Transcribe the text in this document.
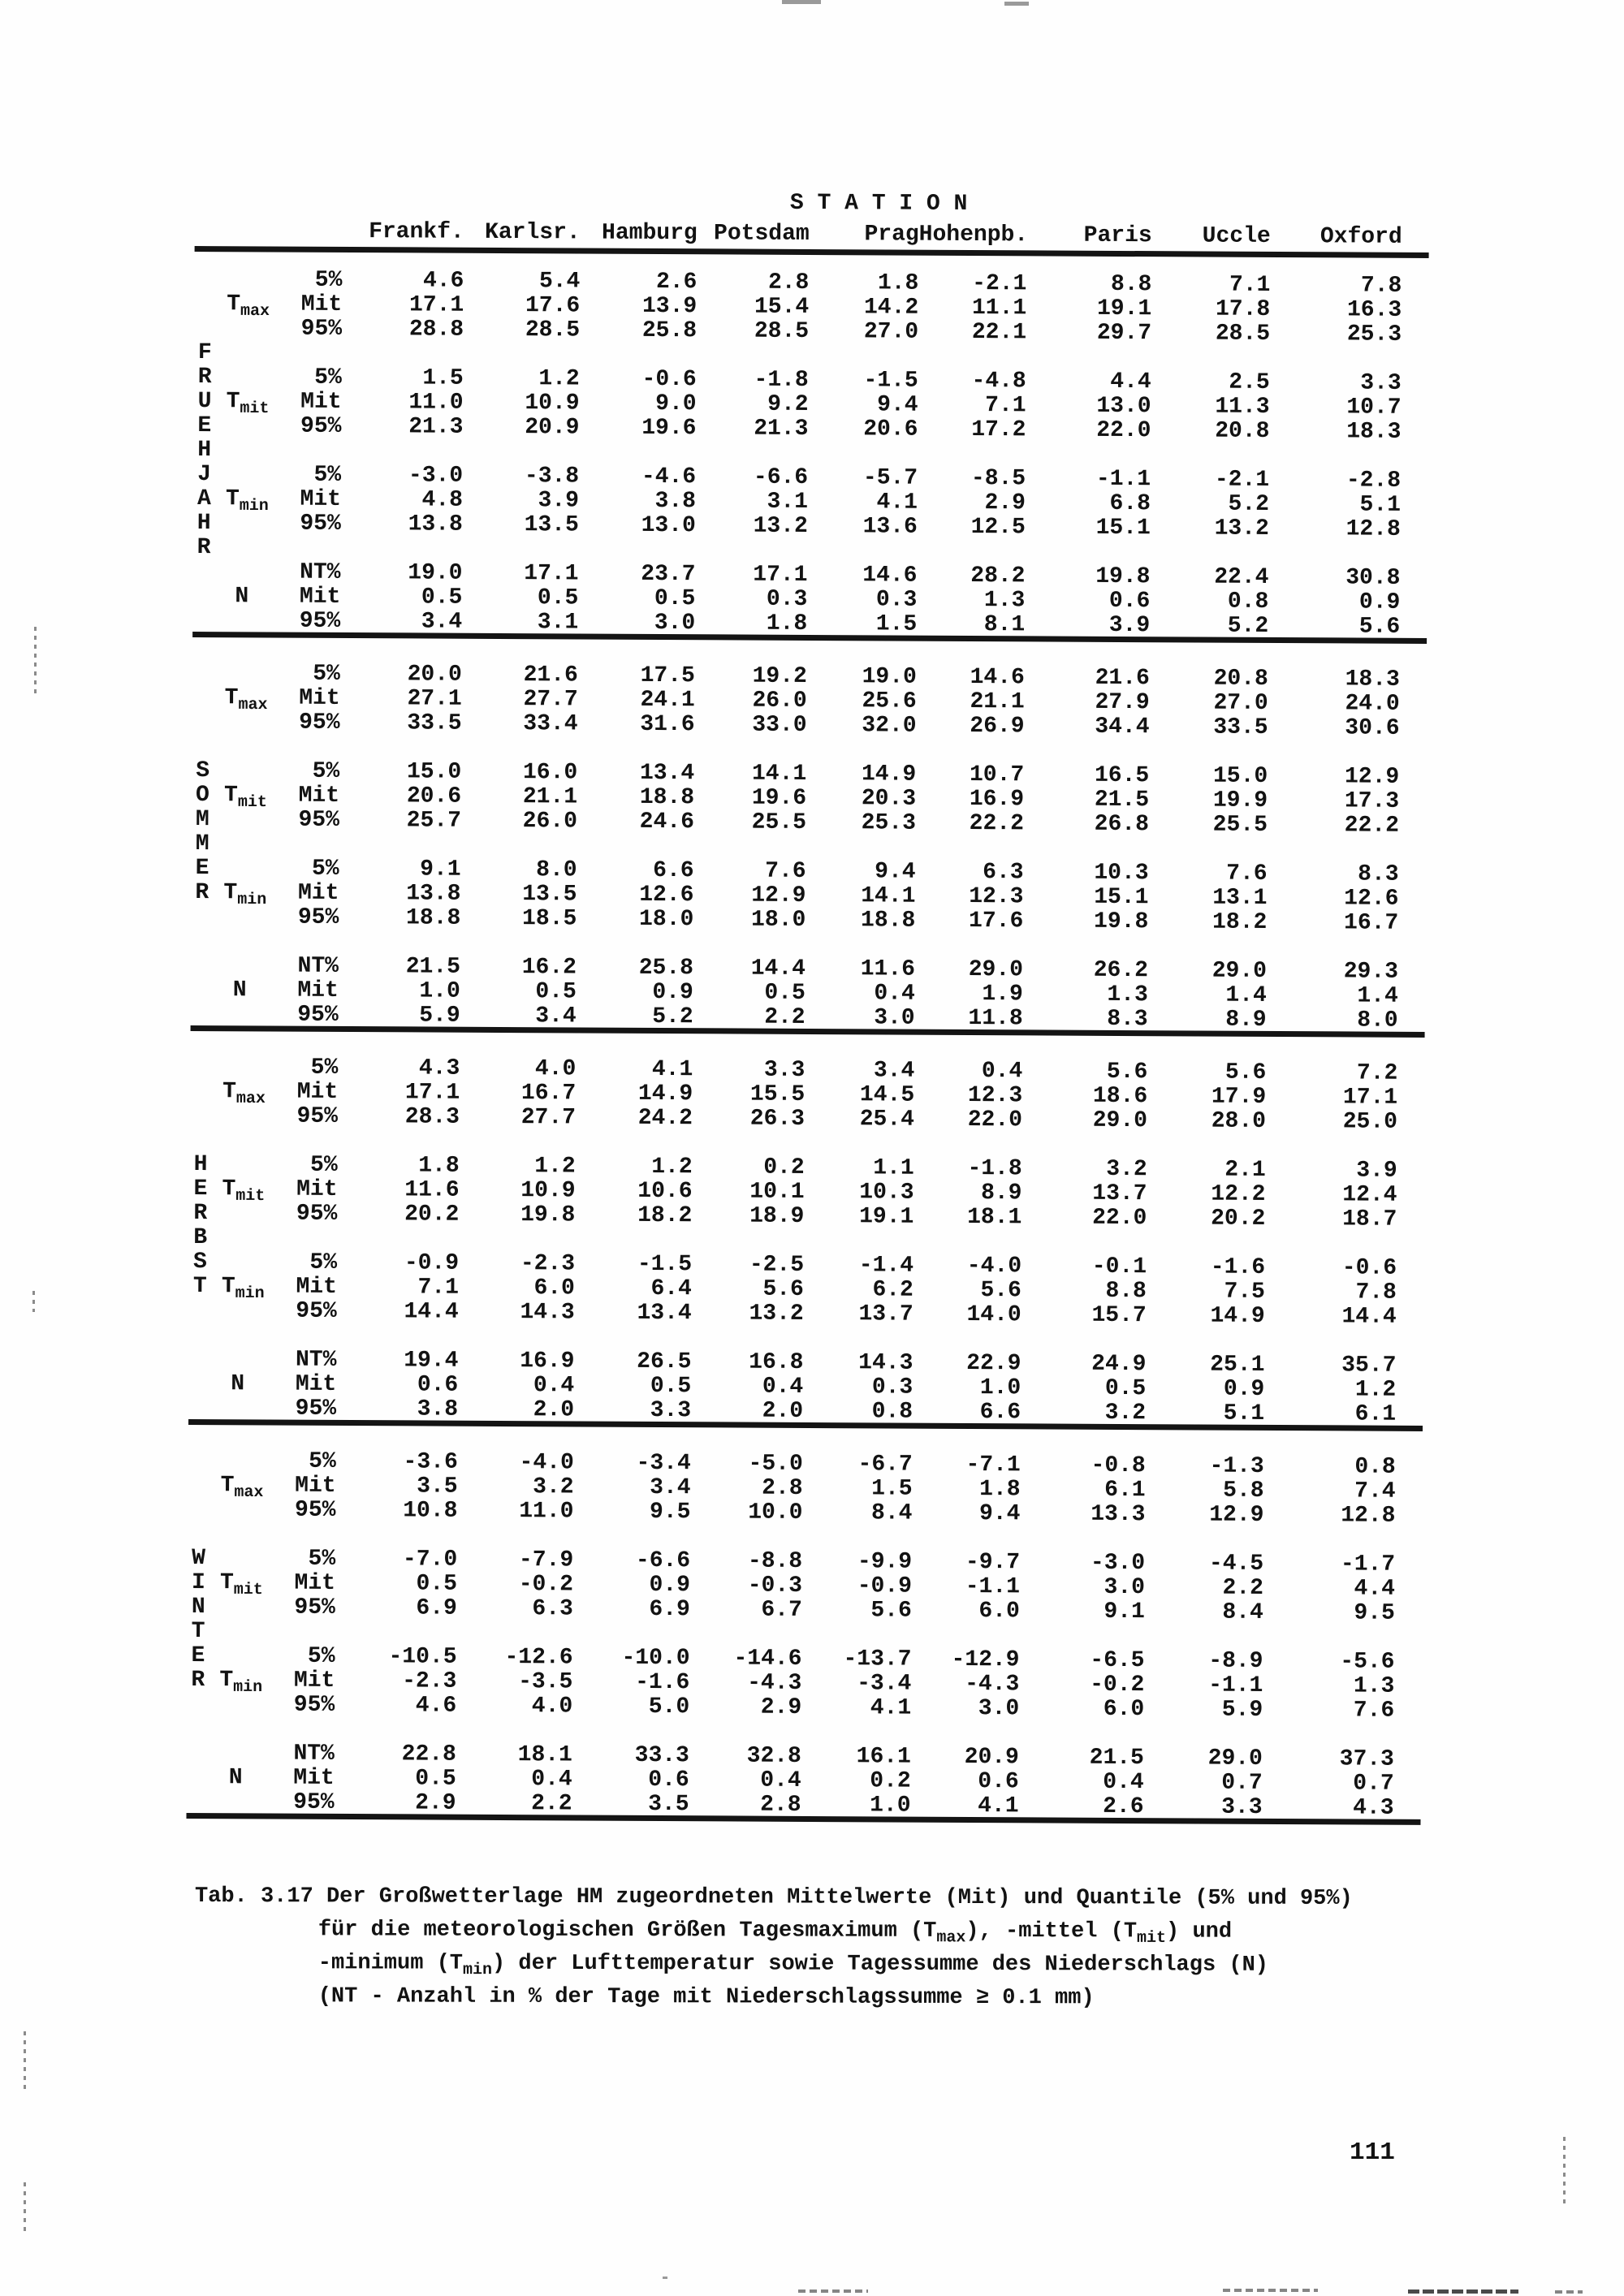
S T A T I O N
Frankf. Karlsr. Hamburg Potsdam	Prag Hohenpb.	Paris	Uccle	Oxford
5%	4.6	5.4	2.6	2.8	1.8	-2.1	8.8	7.1	7.8
$T_{max}$	Mit	17.1	17.6	13.9	15.4	14.2	11.1	19.1	17.8	16.3
95%	28.8	28.5	25.8	28.5	27.0	22.1	29.7	28.5	25.3
F
R	5%	1.5	1.2	-0.6	-1.8	-1.5	-4.8	4.4	2.5	3.3
U $T_{mit}$	Mit	11.0	10.9	9.0	9.2	9.4	7.1	13.0	11.3	10.7
E	95%	21.3	20.9	19.6	21.3	20.6	17.2	22.0	20.8	18.3
H
J	5%	-3.0	-3.8	-4.6	-6.6	-5.7	-8.5	-1.1	-2.1	-2.8
A $T_{min}$	Mit	4.8	3.9	3.8	3.1	4.1	2.9	6.8	5.2	5.1
H	95%	13.8	13.5	13.0	13.2	13.6	12.5	15.1	13.2	12.8
R
NT%	19.0	17.1	23.7	17.1	14.6	28.2	19.8	22.4	30.8
N	Mit	0.5	0.5	0.5	0.3	0.3	1.3	0.6	0.8	0.9
95%	3.4	3.1	3.0	1.8	1.5	8.1	3.9	5.2	5.6
5%	20.0	21.6	17.5	19.2	19.0	14.6	21.6	20.8	18.3
$T_{max}$	Mit	27.1	27.7	24.1	26.0	25.6	21.1	27.9	27.0	24.0
95%	33.5	33.4	31.6	33.0	32.0	26.9	34.4	33.5	30.6
S	5%	15.0	16.0	13.4	14.1	14.9	10.7	16.5	15.0	12.9
O $T_{mit}$	Mit	20.6	21.1	18.8	19.6	20.3	16.9	21.5	19.9	17.3
M	95%	25.7	26.0	24.6	25.5	25.3	22.2	26.8	25.5	22.2
M
E	5%	9.1	8.0	6.6	7.6	9.4	6.3	10.3	7.6	8.3
R $T_{min}$	Mit	13.8	13.5	12.6	12.9	14.1	12.3	15.1	13.1	12.6
95%	18.8	18.5	18.0	18.0	18.8	17.6	19.8	18.2	16.7
NT%	21.5	16.2	25.8	14.4	11.6	29.0	26.2	29.0	29.3
N	Mit	1.0	0.5	0.9	0.5	0.4	1.9	1.3	1.4	1.4
95%	5.9	3.4	5.2	2.2	3.0	11.8	8.3	8.9	8.0
5%	4.3	4.0	4.1	3.3	3.4	0.4	5.6	5.6	7.2
$T_{max}$	Mit	17.1	16.7	14.9	15.5	14.5	12.3	18.6	17.9	17.1
95%	28.3	27.7	24.2	26.3	25.4	22.0	29.0	28.0	25.0
H	5%	1.8	1.2	1.2	0.2	1.1	-1.8	3.2	2.1	3.9
E $T_{mit}$	Mit	11.6	10.9	10.6	10.1	10.3	8.9	13.7	12.2	12.4
R	95%	20.2	19.8	18.2	18.9	19.1	18.1	22.0	20.2	18.7
B
S	5%	-0.9	-2.3	-1.5	-2.5	-1.4	-4.0	-0.1	-1.6	-0.6
T $T_{min}$	Mit	7.1	6.0	6.4	5.6	6.2	5.6	8.8	7.5	7.8
95%	14.4	14.3	13.4	13.2	13.7	14.0	15.7	14.9	14.4
NT%	19.4	16.9	26.5	16.8	14.3	22.9	24.9	25.1	35.7
N	Mit	0.6	0.4	0.5	0.4	0.3	1.0	0.5	0.9	1.2
95%	3.8	2.0	3.3	2.0	0.8	6.6	3.2	5.1	6.1
5%	-3.6	-4.0	-3.4	-5.0	-6.7	-7.1	-0.8	-1.3	0.8
$T_{max}$	Mit	3.5	3.2	3.4	2.8	1.5	1.8	6.1	5.8	7.4
95%	10.8	11.0	9.5	10.0	8.4	9.4	13.3	12.9	12.8
W	5%	-7.0	-7.9	-6.6	-8.8	-9.9	-9.7	-3.0	-4.5	-1.7
I $T_{mit}$	Mit	0.5	-0.2	0.9	-0.3	-0.9	-1.1	3.0	2.2	4.4
N	95%	6.9	6.3	6.9	6.7	5.6	6.0	9.1	8.4	9.5
T
E	5%	-10.5	-12.6	-10.0	-14.6	-13.7	-12.9	-6.5	-8.9	-5.6
R $T_{min}$	Mit	-2.3	-3.5	-1.6	-4.3	-3.4	-4.3	-0.2	-1.1	1.3
95%	4.6	4.0	5.0	2.9	4.1	3.0	6.0	5.9	7.6
NT%	22.8	18.1	33.3	32.8	16.1	20.9	21.5	29.0	37.3
N	Mit	0.5	0.4	0.6	0.4	0.2	0.6	0.4	0.7	0.7
95%	2.9	2.2	3.5	2.8	1.0	4.1	2.6	3.3	4.3
Tab. 3.17 Der Großwetterlage HM zugeordneten Mittelwerte (Mit) und Quantile (5% und 95%)
für die meteorologischen Größen Tagesmaximum $(T_{max})$, -mittel $(T_{mit})$ und
-minimum $(T_{min})$ der Lufttemperatur sowie Tagessumme des Niederschlags (N)
(NT - Anzahl in % der Tage mit Niederschlagssumme ≥ 0.1 mm)
111
